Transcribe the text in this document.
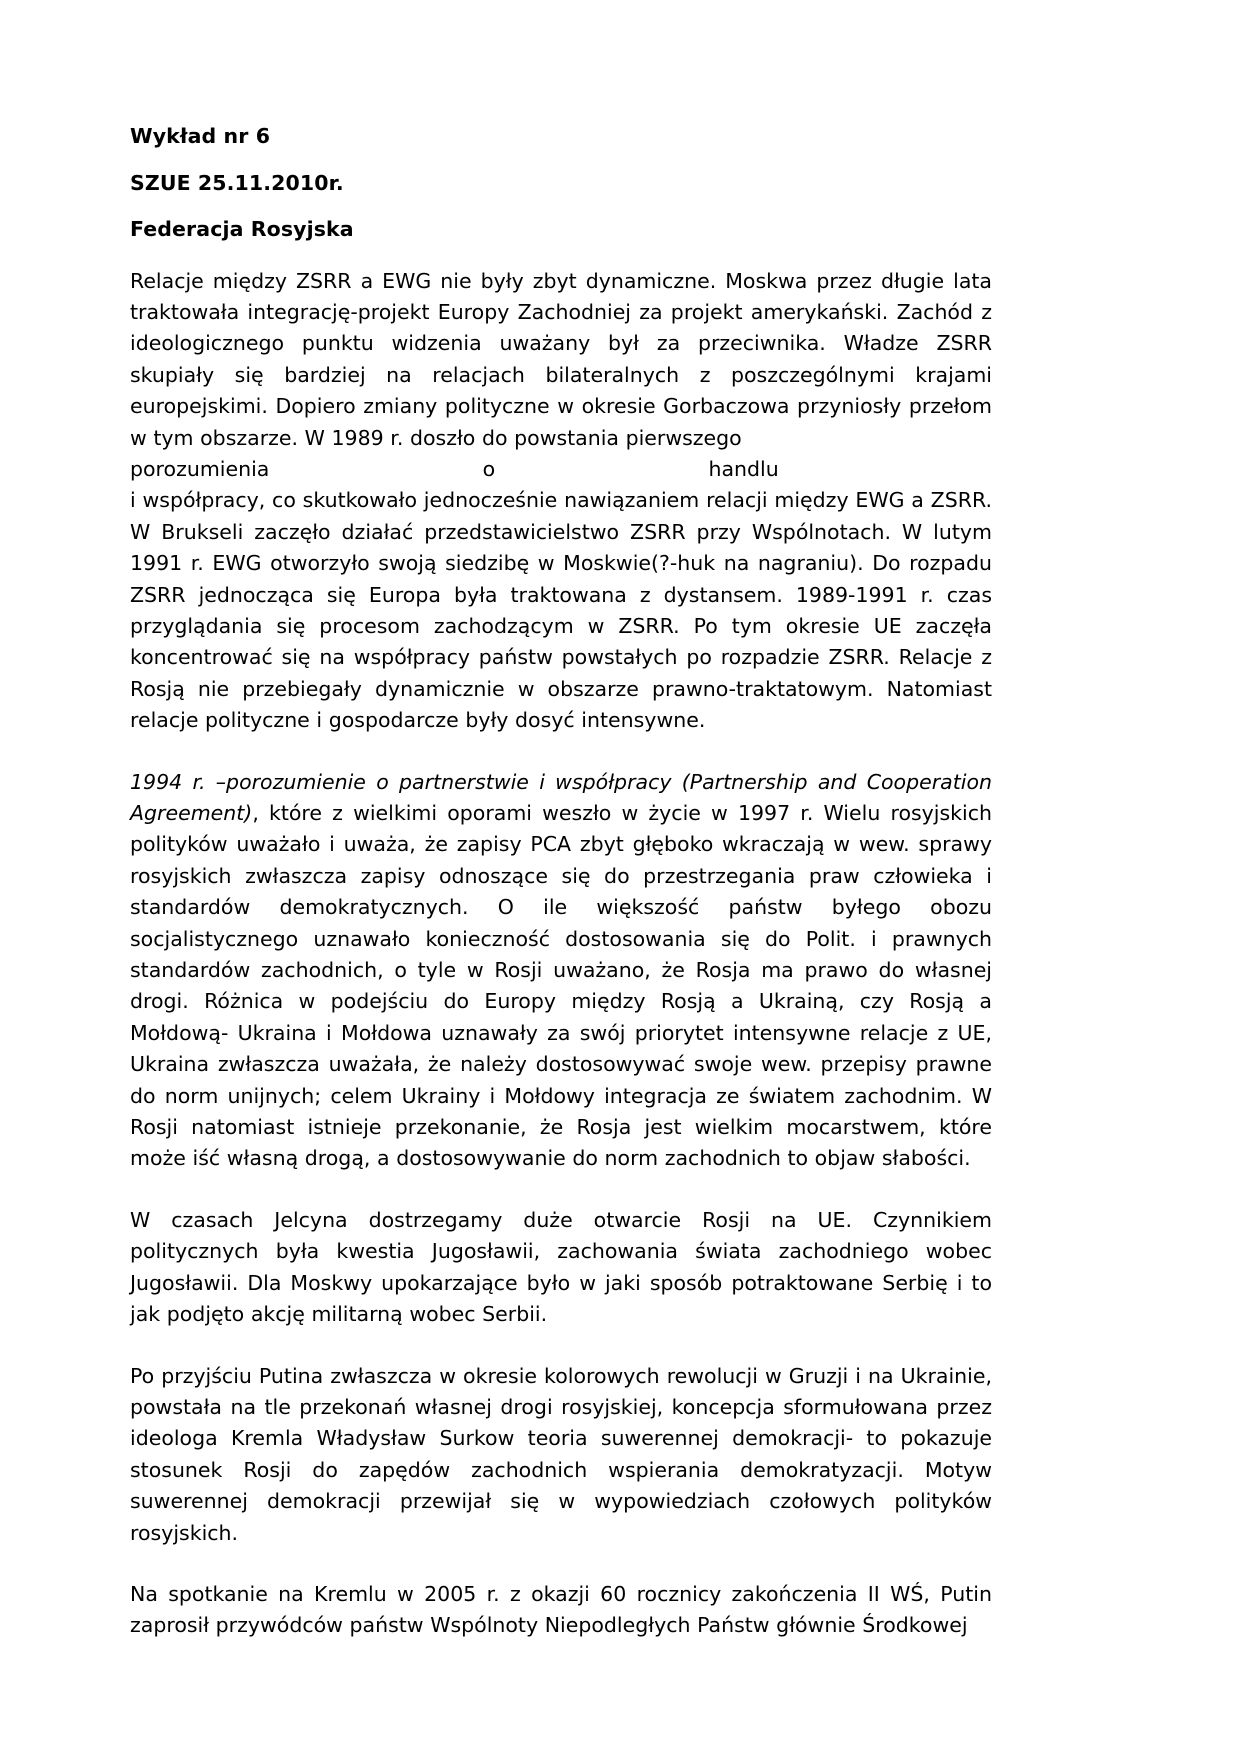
Wykład nr 6
SZUE 25.11.2010r.
Federacja Rosyjska
Relacje między ZSRR a EWG nie były zbyt dynamiczne. Moskwa przez długie lata traktowała integrację-projekt Europy Zachodniej za projekt amerykański. Zachód z ideologicznego punktu widzenia uważany był za przeciwnika. Władze ZSRR skupiały się bardziej na relacjach bilateralnych z poszczególnymi krajami europejskimi. Dopiero zmiany polityczne w okresie Gorbaczowa przyniosły przełom w tym obszarze. W 1989 r. doszło do powstania pierwszego
porozumienia	o	handlu
i współpracy, co skutkowało jednocześnie nawiązaniem relacji między EWG a ZSRR. W Brukseli zaczęło działać przedstawicielstwo ZSRR przy Wspólnotach. W lutym 1991 r. EWG otworzyło swoją siedzibę w Moskwie(?-huk na nagraniu). Do rozpadu ZSRR jednocząca się Europa była traktowana z dystansem. 1989-1991 r. czas przyglądania się procesom zachodzącym w ZSRR. Po tym okresie UE zaczęła koncentrować się na współpracy państw powstałych po rozpadzie ZSRR. Relacje z Rosją nie przebiegały dynamicznie w obszarze prawno-traktatowym. Natomiast relacje polityczne i gospodarcze były dosyć intensywne.
1994 r. –porozumienie o partnerstwie i współpracy (Partnership and Cooperation Agreement), które z wielkimi oporami weszło w życie w 1997 r. Wielu rosyjskich polityków uważało i uważa, że zapisy PCA zbyt głęboko wkraczają w wew. sprawy rosyjskich zwłaszcza zapisy odnoszące się do przestrzegania praw człowieka i standardów demokratycznych. O ile większość państw byłego obozu socjalistycznego uznawało konieczność dostosowania się do Polit. i prawnych standardów zachodnich, o tyle w Rosji uważano, że Rosja ma prawo do własnej drogi. Różnica w podejściu do Europy między Rosją a Ukrainą, czy Rosją a Mołdową- Ukraina i Mołdowa uznawały za swój priorytet intensywne relacje z UE, Ukraina zwłaszcza uważała, że należy dostosowywać swoje wew. przepisy prawne do norm unijnych; celem Ukrainy i Mołdowy integracja ze światem zachodnim. W Rosji natomiast istnieje przekonanie, że Rosja jest wielkim mocarstwem, które może iść własną drogą, a dostosowywanie do norm zachodnich to objaw słabości.
W czasach Jelcyna dostrzegamy duże otwarcie Rosji na UE. Czynnikiem politycznych była kwestia Jugosławii, zachowania świata zachodniego wobec Jugosławii. Dla Moskwy upokarzające było w jaki sposób potraktowane Serbię i to jak podjęto akcję militarną wobec Serbii.
Po przyjściu Putina zwłaszcza w okresie kolorowych rewolucji w Gruzji i na Ukrainie, powstała na tle przekonań własnej drogi rosyjskiej, koncepcja sformułowana przez ideologa Kremla Władysław Surkow teoria suwerennej demokracji- to pokazuje stosunek Rosji do zapędów zachodnich wspierania demokratyzacji. Motyw suwerennej demokracji przewijał się w wypowiedziach czołowych polityków rosyjskich.
Na spotkanie na Kremlu w 2005 r. z okazji 60 rocznicy zakończenia II WŚ, Putin zaprosił przywódców państw Wspólnoty Niepodległych Państw głównie Środkowej
